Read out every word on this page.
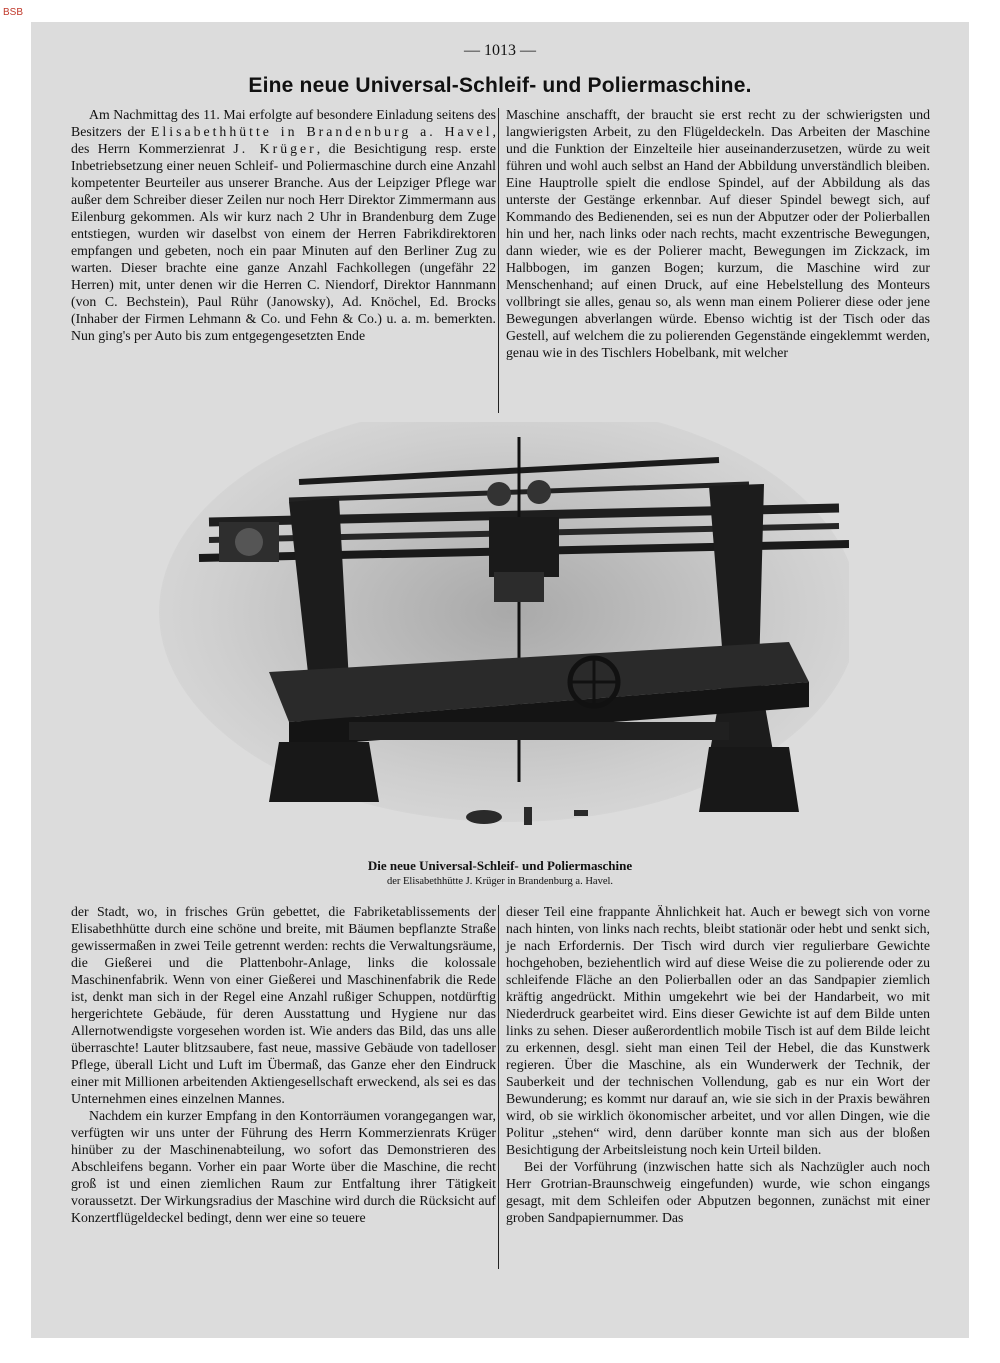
BSB
— 1013 —
Eine neue Universal-Schleif- und Poliermaschine.

Am Nachmittag des 11. Mai erfolgte auf besondere Einladung seitens des Besitzers der Elisabethhütte in Brandenburg a. Havel, des Herrn Kommerzienrat J. Krüger, die Besichtigung resp. erste Inbetriebsetzung einer neuen Schleif- und Poliermaschine durch eine Anzahl kompetenter Beurteiler aus unserer Branche. Aus der Leipziger Pflege war außer dem Schreiber dieser Zeilen nur noch Herr Direktor Zimmermann aus Eilenburg gekommen. Als wir kurz nach 2 Uhr in Brandenburg dem Zuge entstiegen, wurden wir daselbst von einem der Herren Fabrikdirektoren empfangen und gebeten, noch ein paar Minuten auf den Berliner Zug zu warten. Dieser brachte eine ganze Anzahl Fachkollegen (ungefähr 22 Herren) mit, unter denen wir die Herren C. Niendorf, Direktor Hannmann (von C. Bechstein), Paul Rühr (Janowsky), Ad. Knöchel, Ed. Brocks (Inhaber der Firmen Lehmann & Co. und Fehn & Co.) u. a. m. bemerkten. Nun ging's per Auto bis zum entgegengesetzten Ende

Maschine anschafft, der braucht sie erst recht zu der schwierigsten und langwierigsten Arbeit, zu den Flügeldeckeln. Das Arbeiten der Maschine und die Funktion der Einzelteile hier auseinanderzusetzen, würde zu weit führen und wohl auch selbst an Hand der Abbildung unverständlich bleiben. Eine Hauptrolle spielt die endlose Spindel, auf der Abbildung als das unterste der Gestänge erkennbar. Auf dieser Spindel bewegt sich, auf Kommando des Bedienenden, sei es nun der Abputzer oder der Polierballen hin und her, nach links oder nach rechts, macht exzentrische Bewegungen, dann wieder, wie es der Polierer macht, Bewegungen im Zickzack, im Halbbogen, im ganzen Bogen; kurzum, die Maschine wird zur Menschenhand; auf einen Druck, auf eine Hebelstellung des Monteurs vollbringt sie alles, genau so, als wenn man einem Polierer diese oder jene Bewegungen abverlangen würde. Ebenso wichtig ist der Tisch oder das Gestell, auf welchem die zu polierenden Gegenstände eingeklemmt werden, genau wie in des Tischlers Hobelbank, mit welcher

Die neue Universal-Schleif- und Poliermaschine
der Elisabethhütte J. Krüger in Brandenburg a. Havel.

der Stadt, wo, in frisches Grün gebettet, die Fabriketablissements der Elisabethhütte durch eine schöne und breite, mit Bäumen bepflanzte Straße gewissermaßen in zwei Teile getrennt werden: rechts die Verwaltungsräume, die Gießerei und die Plattenbohr-Anlage, links die kolossale Maschinenfabrik. Wenn von einer Gießerei und Maschinenfabrik die Rede ist, denkt man sich in der Regel eine Anzahl rußiger Schuppen, notdürftig hergerichtete Gebäude, für deren Ausstattung und Hygiene nur das Allernotwendigste vorgesehen worden ist. Wie anders das Bild, das uns alle überraschte! Lauter blitzsaubere, fast neue, massive Gebäude von tadelloser Pflege, überall Licht und Luft im Übermaß, das Ganze eher den Eindruck einer mit Millionen arbeitenden Aktiengesellschaft erweckend, als sei es das Unternehmen eines einzelnen Mannes.

Nachdem ein kurzer Empfang in den Kontorräumen vorangegangen war, verfügten wir uns unter der Führung des Herrn Kommerzienrats Krüger hinüber zu der Maschinenabteilung, wo sofort das Demonstrieren des Abschleifens begann. Vorher ein paar Worte über die Maschine, die recht groß ist und einen ziemlichen Raum zur Entfaltung ihrer Tätigkeit voraussetzt. Der Wirkungsradius der Maschine wird durch die Rücksicht auf Konzertflügeldeckel bedingt, denn wer eine so teuere

dieser Teil eine frappante Ähnlichkeit hat. Auch er bewegt sich von vorne nach hinten, von links nach rechts, bleibt stationär oder hebt und senkt sich, je nach Erfordernis. Der Tisch wird durch vier regulierbare Gewichte hochgehoben, beziehentlich wird auf diese Weise die zu polierende oder zu schleifende Fläche an den Polierballen oder an das Sandpapier ziemlich kräftig angedrückt. Mithin umgekehrt wie bei der Handarbeit, wo mit Niederdruck gearbeitet wird. Eins dieser Gewichte ist auf dem Bilde unten links zu sehen. Dieser außerordentlich mobile Tisch ist auf dem Bilde leicht zu erkennen, desgl. sieht man einen Teil der Hebel, die das Kunstwerk regieren. Über die Maschine, als ein Wunderwerk der Technik, der Sauberkeit und der technischen Vollendung, gab es nur ein Wort der Bewunderung; es kommt nur darauf an, wie sie sich in der Praxis bewähren wird, ob sie wirklich ökonomischer arbeitet, und vor allen Dingen, wie die Politur „stehen“ wird, denn darüber konnte man sich aus der bloßen Besichtigung der Arbeitsleistung noch kein Urteil bilden.

Bei der Vorführung (inzwischen hatte sich als Nachzügler auch noch Herr Grotrian-Braunschweig eingefunden) wurde, wie schon eingangs gesagt, mit dem Schleifen oder Abputzen begonnen, zunächst mit einer groben Sandpapiernummer. Das
